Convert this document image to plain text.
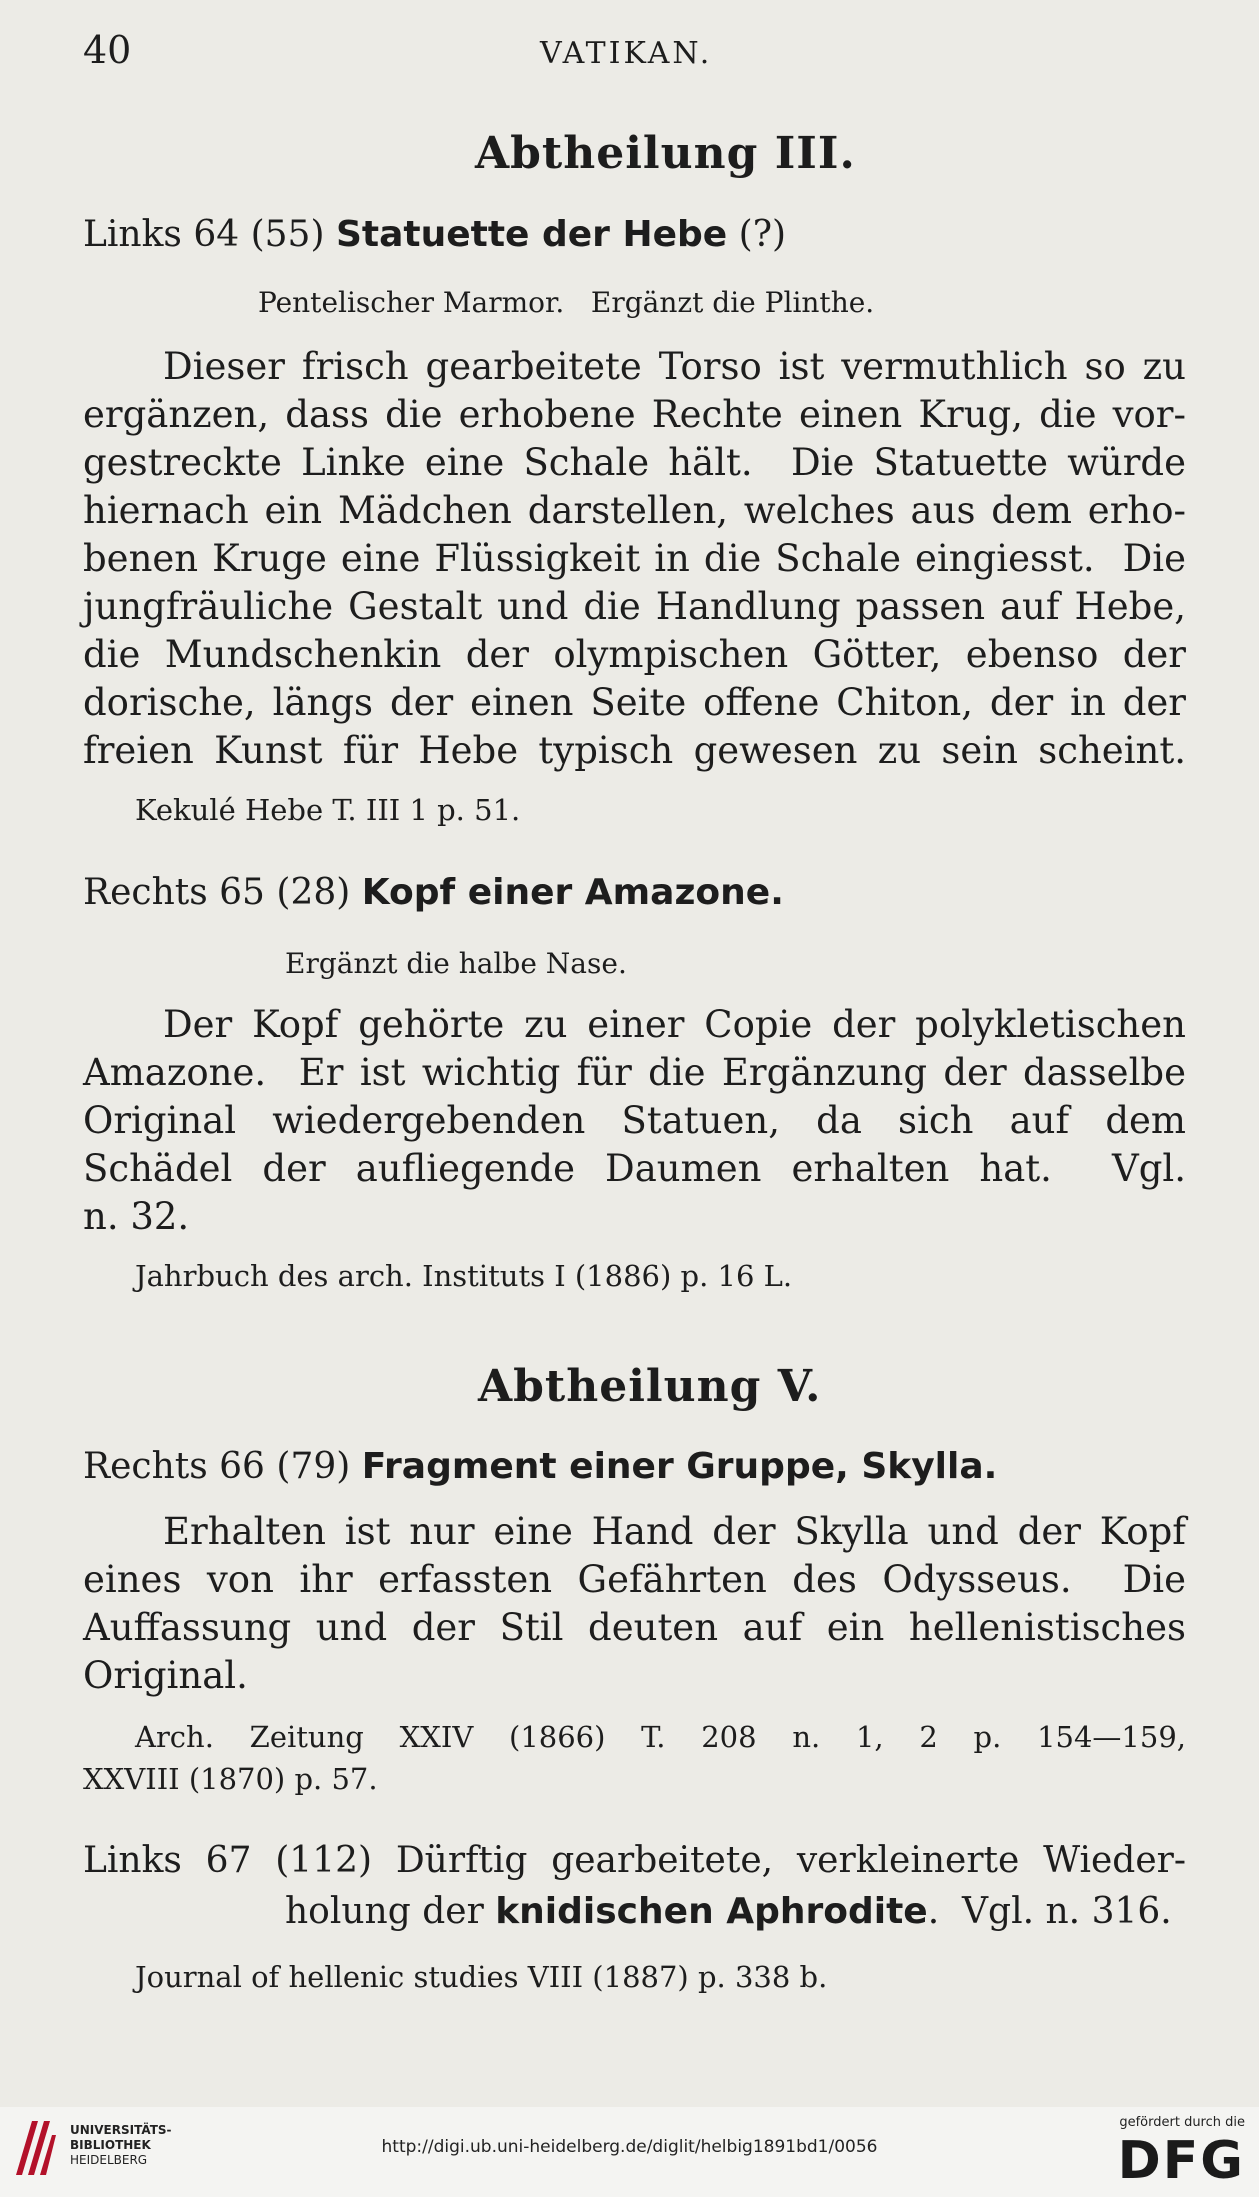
40	VATIKAN.
Abtheilung III.
Links 64 (55) Statuette der Hebe (?)
Pentelischer Marmor.   Ergänzt die Plinthe.
Dieser frisch gearbeitete Torso ist vermuthlich so zu
ergänzen, dass die erhobene Rechte einen Krug, die vor-
gestreckte Linke eine Schale hält.  Die Statuette würde
hiernach ein Mädchen darstellen, welches aus dem erho-
benen Kruge eine Flüssigkeit in die Schale eingiesst.  Die
jungfräuliche Gestalt und die Handlung passen auf Hebe,
die Mundschenkin der olympischen Götter, ebenso der
dorische, längs der einen Seite offene Chiton, der in der
freien Kunst für Hebe typisch gewesen zu sein scheint.
Kekulé Hebe T. III 1 p. 51.
Rechts 65 (28) Kopf einer Amazone.
Ergänzt die halbe Nase.
Der Kopf gehörte zu einer Copie der polykletischen
Amazone.  Er ist wichtig für die Ergänzung der dasselbe
Original wiedergebenden Statuen, da sich auf dem
Schädel der aufliegende Daumen erhalten hat.  Vgl.
n. 32.
Jahrbuch des arch. Instituts I (1886) p. 16 L.
Abtheilung V.
Rechts 66 (79) Fragment einer Gruppe, Skylla.
Erhalten ist nur eine Hand der Skylla und der Kopf
eines von ihr erfassten Gefährten des Odysseus.  Die
Auffassung und der Stil deuten auf ein hellenistisches
Original.
Arch. Zeitung XXIV (1866) T. 208 n. 1, 2 p. 154—159,
XXVIII (1870) p. 57.
Links 67 (112) Dürftig gearbeitete, verkleinerte Wieder-
holung der knidischen Aphrodite.  Vgl. n. 316.
Journal of hellenic studies VIII (1887) p. 338 b.
UNIVERSITÄTS-
BIBLIOTHEK
HEIDELBERG
http://digi.ub.uni-heidelberg.de/diglit/helbig1891bd1/0056
gefördert durch die
DFG
